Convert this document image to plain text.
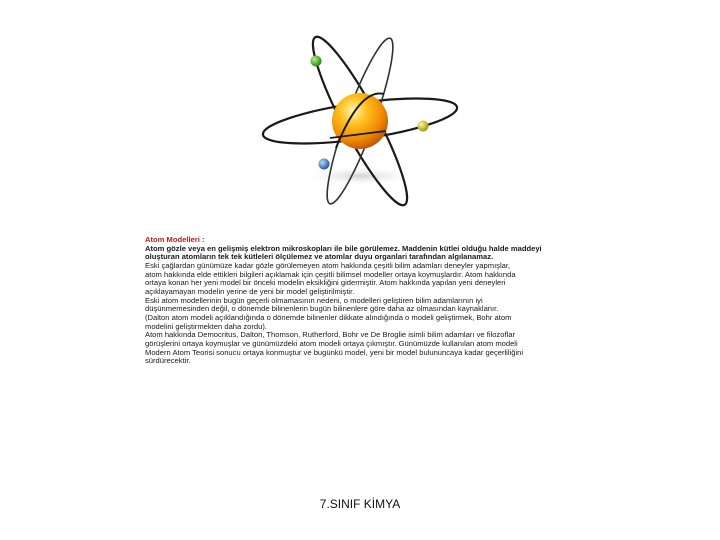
Atom Modelleri :
Atom gözle veya en gelişmiş elektron mikroskopları ile bile görülemez. Maddenin kütlei olduğu halde maddeyi
oluşturan atomların tek tek kütleleri ölçülemez ve atomlar duyu organlari tarafından algılanamaz.
Eski çağlardan günümüze kadar gözle görülemeyen atom hakkında çeşitli bilim adamları deneyler yapmışlar,
atom hakkında elde ettikleri bilgileri açıklamak için çeşitli bilimsel modeller ortaya koymuşlardır. Atom hakkında
ortaya konan her yeni model bir önceki modelin eksikliğini gidermiştir. Atom hakkında yapılan yeni deneyleri
açıklayamayan modelin yerine de yeni bir model geliştirilmiştir.
Eski atom modellerinin bugün geçerli olmamasının nedeni, o modelleri geliştiren bilim adamlarının iyi
düşünmemesinden değil, o dönemde bilinenlerin bugün bilinenlere göre daha az olmasından kaynaklanır.
(Dalton atom modeli açıklandığında o dönemde bilinenler dikkate alındığında o modeli geliştirmek, Bohr atom
modelini geliştirmekten daha zordu).
Atom hakkında Democritus, Dalton, Thomson, Rutherford, Bohr ve De Broglie isimli bilim adamları ve filozoflar
görüşlerini ortaya koymuşlar ve günümüzdeki atom modeli ortaya çıkmıştır. Günümüzde kullanılan atom modeli
Modern Atom Teorisi sonucu ortaya konmuştur ve bugünkü model, yeni bir model bulununcaya kadar geçerliliğini
sürdürecektir.
7.SINIF KİMYA
